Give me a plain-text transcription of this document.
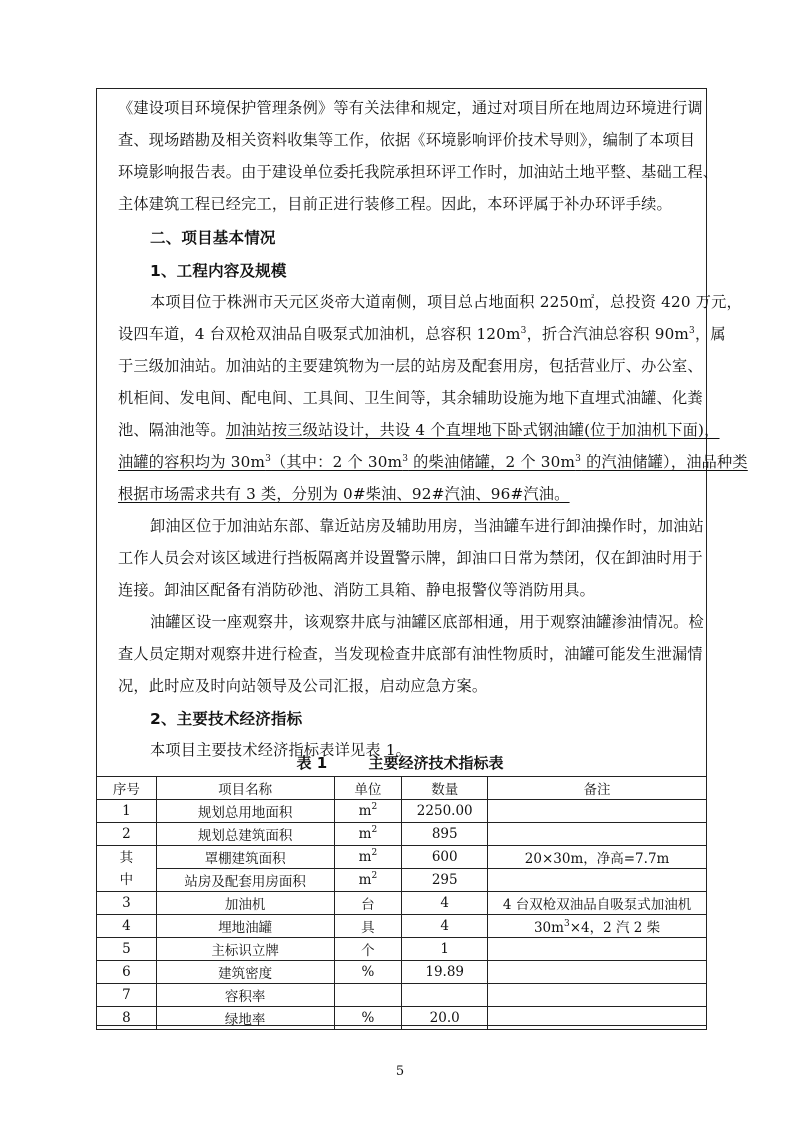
《建设项目环境保护管理条例》等有关法律和规定，通过对项目所在地周边环境进行调
查、现场踏勘及相关资料收集等工作，依据《环境影响评价技术导则》，编制了本项目
环境影响报告表。由于建设单位委托我院承担环评工作时，加油站土地平整、基础工程、
主体建筑工程已经完工，目前正进行装修工程。因此，本环评属于补办环评手续。
二、项目基本情况
1、工程内容及规模
本项目位于株洲市天元区炎帝大道南侧，项目总占地面积 2250㎡，总投资 420 万元，
设四车道，4 台双枪双油品自吸泵式加油机，总容积 $120m^3$，折合汽油总容积 $90m^3$，属
于三级加油站。加油站的主要建筑物为一层的站房及配套用房，包括营业厅、办公室、
机柜间、发电间、配电间、工具间、卫生间等，其余辅助设施为地下直埋式油罐、化粪
池、隔油池等。加油站按三级站设计，共设 4 个直埋地下卧式钢油罐(位于加油机下面)，
油罐的容积均为 $30m^3$（其中：2 个 $30m^3$ 的柴油储罐，2 个 $30m^3$ 的汽油储罐），油品种类
根据市场需求共有 3 类，分别为 0#柴油、92#汽油、96#汽油。
卸油区位于加油站东部、靠近站房及辅助用房，当油罐车进行卸油操作时，加油站
工作人员会对该区域进行挡板隔离并设置警示牌，卸油口日常为禁闭，仅在卸油时用于
连接。卸油区配备有消防砂池、消防工具箱、静电报警仪等消防用具。
油罐区设一座观察井，该观察井底与油罐区底部相通，用于观察油罐渗油情况。检
查人员定期对观察井进行检查，当发现检查井底部有油性物质时，油罐可能发生泄漏情
况，此时应及时向站领导及公司汇报，启动应急方案。
2、主要技术经济指标
本项目主要技术经济指标表详见表 1。
表 1	主要经济技术指标表
序号	项目名称	单位	数量	备注
1	规划总用地面积	$m^2$	2250.00	
2	规划总建筑面积	$m^2$	895	
其
中	罩棚建筑面积	$m^2$	600	20×30m，净高=7.7m
	站房及配套用房面积	$m^2$	295	
3	加油机	台	4	4 台双枪双油品自吸泵式加油机
4	埋地油罐	具	4	$30m^3\times 4$，2 汽 2 柴
5	主标识立牌	个	1	
6	建筑密度	%	19.89	
7	容积率			
8	绿地率	%	20.0	
5
